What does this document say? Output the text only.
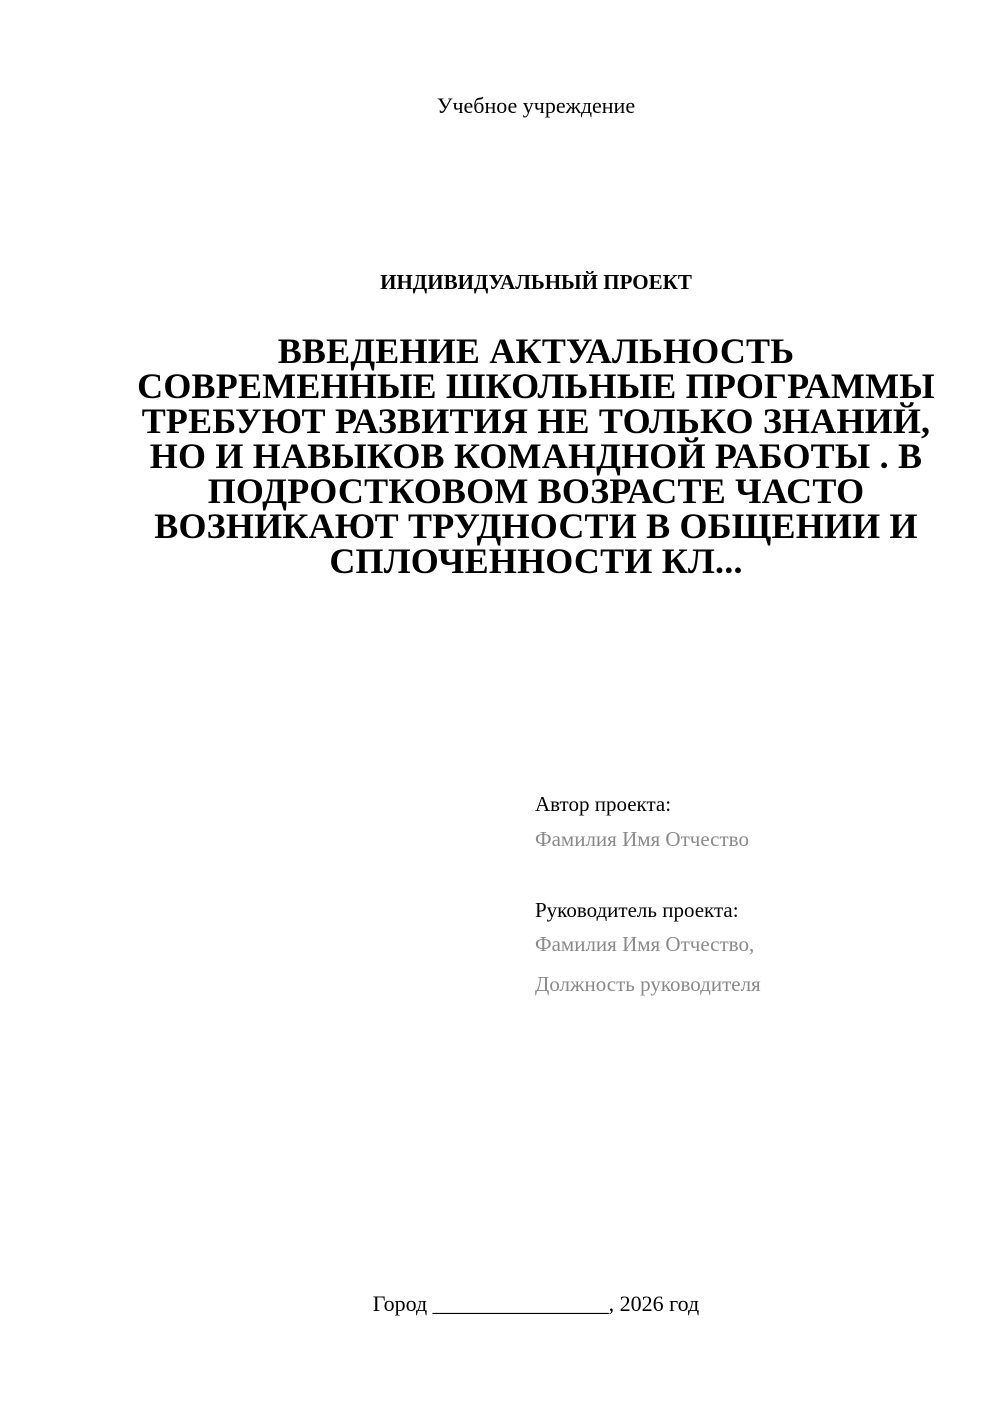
Учебное учреждение
ИНДИВИДУАЛЬНЫЙ ПРОЕКТ
ВВЕДЕНИЕ АКТУАЛЬНОСТЬ СОВРЕМЕННЫЕ ШКОЛЬНЫЕ ПРОГРАММЫ ТРЕБУЮТ РАЗВИТИЯ НЕ ТОЛЬКО ЗНАНИЙ, НО И НАВЫКОВ КОМАНДНОЙ РАБОТЫ . В ПОДРОСТКОВОМ ВОЗРАСТЕ ЧАСТО ВОЗНИКАЮТ ТРУДНОСТИ В ОБЩЕНИИ И СПЛОЧЕННОСТИ КЛ...
Автор проекта:
Фамилия Имя Отчество
Руководитель проекта:
Фамилия Имя Отчество,
Должность руководителя
Город ________________, 2026 год
